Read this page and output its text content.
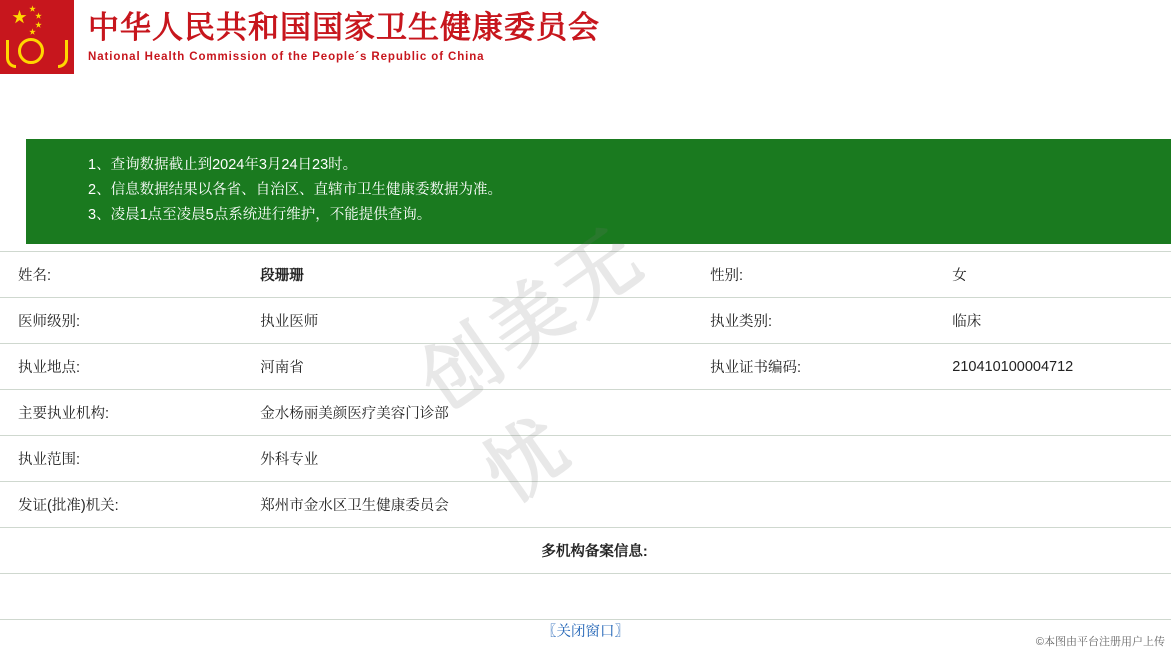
★ ★
★
★
★ 中华人民共和国国家卫生健康委员会
National Health Commission of the People´s Republic of China
1、查询数据截止到2024年3月24日23时。
2、信息数据结果以各省、自治区、直辖市卫生健康委数据为准。
3、凌晨1点至凌晨5点系统进行维护，不能提供查询。
姓名:	段珊珊	性别:	女
医师级别:	执业医师	执业类别:	临床
执业地点:	河南省	执业证书编码:	210410100004712
主要执业机构:	金水杨丽美颜医疗美容门诊部		
执业范围:	外科专业		
发证(批准)机关:	郑州市金水区卫生健康委员会		
多机构备案信息:			

〖关闭窗口〗
©本图由平台注册用户上传
